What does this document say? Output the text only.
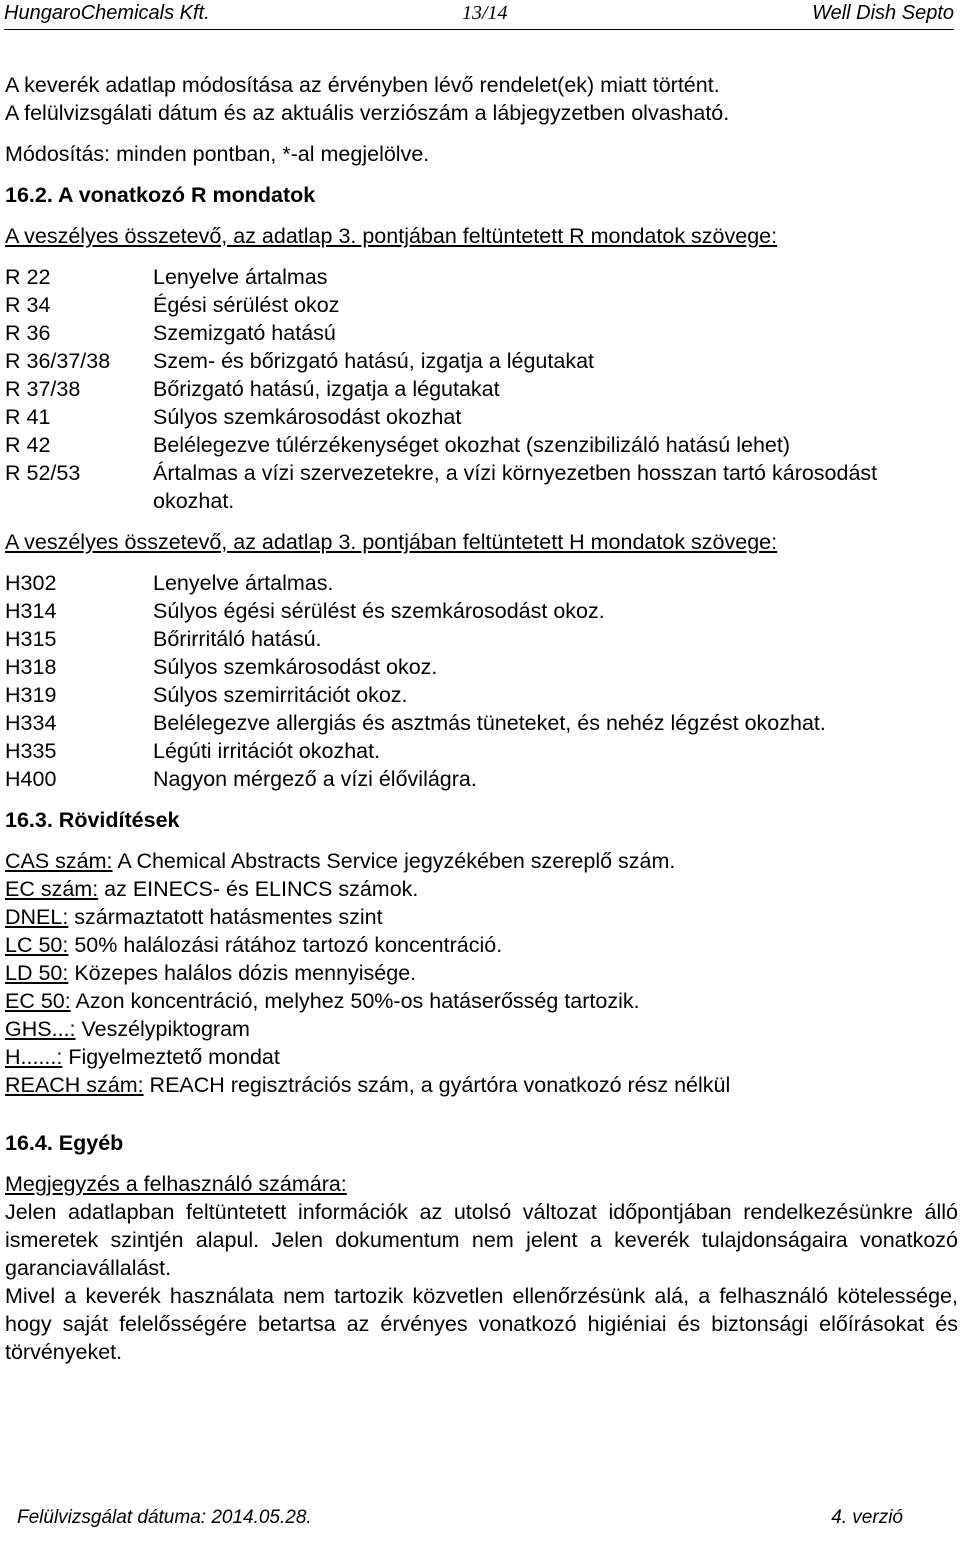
HungaroChemicals Kft.	13/14	Well Dish Septo

A keverék adatlap módosítása az érvényben lévő rendelet(ek) miatt történt.

A felülvizsgálati dátum és az aktuális verziószám a lábjegyzetben olvasható.

Módosítás: minden pontban, *-al megjelölve.

16.2. A vonatkozó R mondatok

A veszélyes összetevő, az adatlap 3. pontjában feltüntetett R mondatok szövege:

R 22	Lenyelve ártalmas
R 34	Égési sérülést okoz
R 36	Szemizgató hatású
R 36/37/38	Szem- és bőrizgató hatású, izgatja a légutakat
R 37/38	Bőrizgató hatású, izgatja a légutakat
R 41	Súlyos szemkárosodást okozhat
R 42	Belélegezve túlérzékenységet okozhat (szenzibilizáló hatású lehet)
R 52/53	Ártalmas a vízi szervezetekre, a vízi környezetben hosszan tartó károsodást okozhat.

A veszélyes összetevő, az adatlap 3. pontjában feltüntetett H mondatok szövege:

H302	Lenyelve ártalmas.
H314	Súlyos égési sérülést és szemkárosodást okoz.
H315	Bőrirritáló hatású.
H318	Súlyos szemkárosodást okoz.
H319	Súlyos szemirritációt okoz.
H334	Belélegezve allergiás és asztmás tüneteket, és nehéz légzést okozhat.
H335	Légúti irritációt okozhat.
H400	Nagyon mérgező a vízi élővilágra.

16.3. Rövidítések

CAS szám: A Chemical Abstracts Service jegyzékében szereplő szám.

EC szám: az EINECS- és ELINCS számok.

DNEL: származtatott hatásmentes szint

LC 50: 50% halálozási rátához tartozó koncentráció.

LD 50: Közepes halálos dózis mennyisége.

EC 50: Azon koncentráció, melyhez 50%-os hatáserősség tartozik.

GHS...: Veszélypiktogram

H......: Figyelmeztető mondat

REACH szám: REACH regisztrációs szám, a gyártóra vonatkozó rész nélkül

16.4. Egyéb

Megjegyzés a felhasználó számára:

Jelen adatlapban feltüntetett információk az utolsó változat időpontjában rendelkezésünkre álló ismeretek szintjén alapul. Jelen dokumentum nem jelent a keverék tulajdonságaira vonatkozó garanciavállalást.

Mivel a keverék használata nem tartozik közvetlen ellenőrzésünk alá, a felhasználó kötelessége, hogy saját felelősségére betartsa az érvényes vonatkozó higiéniai és biztonsági előírásokat és törvényeket.

Felülvizsgálat dátuma: 2014.05.28.	4. verzió
